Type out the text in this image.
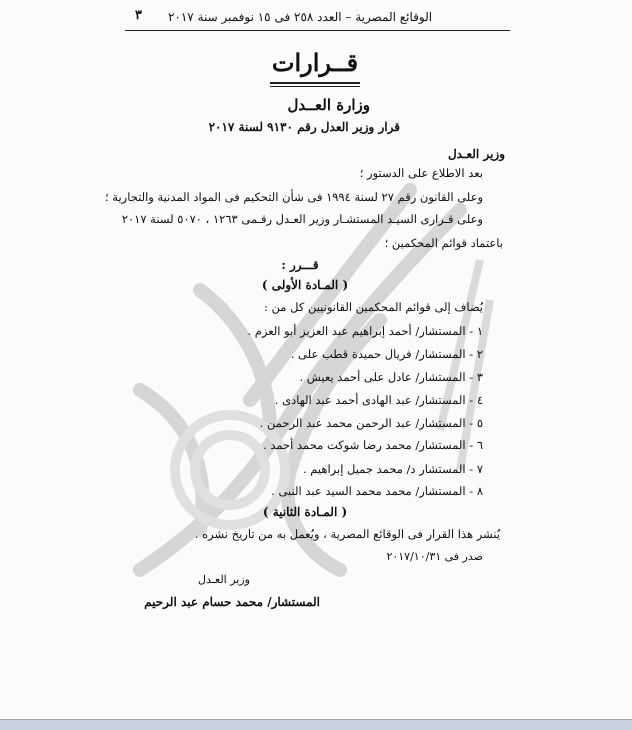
الوقائع المصرية – العدد ٢٥٨ فى ١٥ نوفمبر سنة ٢٠١٧
٣
قــرارات
وزارة العــدل
قرار وزير العدل رقم ٩١٣٠ لسنة ٢٠١٧
وزير العـدل
بعد الاطلاع على الدستور ؛
وعلى القانون رقم ٢٧ لسنة ١٩٩٤ فى شأن التحكيم فى المواد المدنية والتجارية ؛
وعلى قـرارى السيـد المستشـار وزير العـدل رقـمى ١٢٦٣ ، ٥٠٧٠ لسنة ٢٠١٧
باعتماد قوائم المحكمين ؛
قـــرر :
( المـادة الأولى )
يُضاف إلى قوائم المحكمين القانونيين كل من :
١ - المستشار/ أحمد إبراهيم عبد العزيز أبو العزم .
٢ - المستشار/ فريال حميدة قطب على .
٣ - المستشار/ عادل على أحمد يعيش .
٤ - المستشار/ عبد الهادى أحمد عبد الهادى .
٥ - المستشار/ عبد الرحمن محمد عبد الرحمن .
٦ - المستشار/ محمد رضا شوكت محمد أحمد .
٧ - المستشار د/ محمد جميل إبراهيم .
٨ - المستشار/ محمد محمد السيد عبد النبى .
( المـادة الثانية )
يُنشر هذا القرار فى الوقائع المصرية ، ويُعمل به من تاريخ نشره .
صدر فى ٢٠١٧/١٠/٣١
وزير العـدل
المستشار/ محمد حسام عبد الرحيم
